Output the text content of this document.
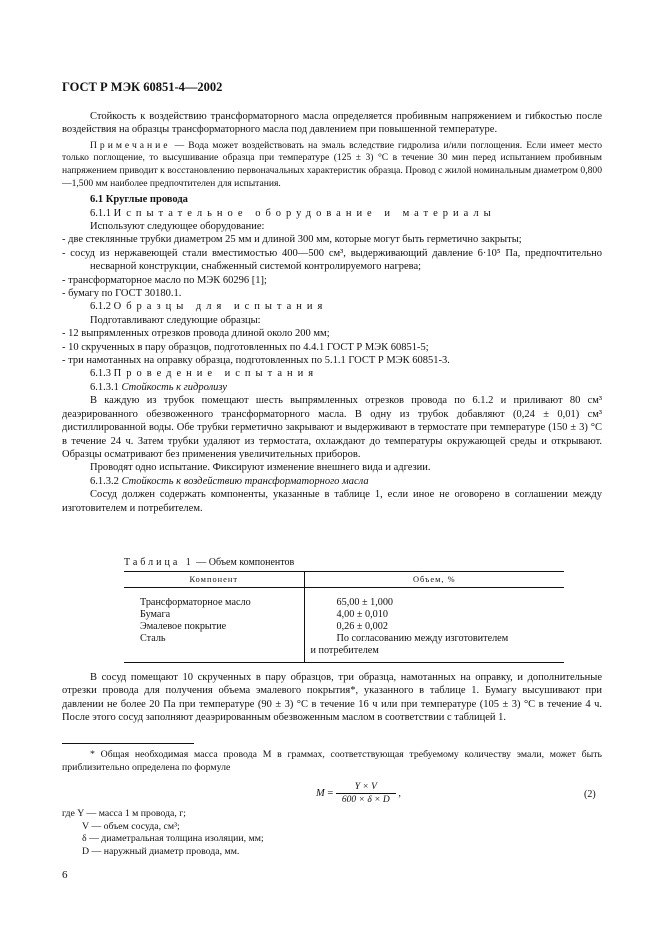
ГОСТ Р МЭК 60851-4—2002

Стойкость к воздействию трансформаторного масла определяется пробивным напряжением и гибкостью после воздействия на образцы трансформаторного масла под давлением при повышенной температуре.

Примечание — Вода может воздействовать на эмаль вследствие гидролиза и/или поглощения. Если имеет место только поглощение, то высушивание образца при температуре (125 ± 3) °С в течение 30 мин перед испытанием пробивным напряжением приводит к восстановлению первоначальных характеристик образца. Провод с жилой номинальным диаметром 0,800—1,500 мм наиболее предпочтителен для испытания.

6.1 Круглые провода

6.1.1 Испытательное оборудование и материалы

Используют следующее оборудование:

- две стеклянные трубки диаметром 25 мм и длиной 300 мм, которые могут быть герметично закрыты;

- сосуд из нержавеющей стали вместимостью 400—500 см³, выдерживающий давление 6·10⁵ Па, предпочтительно несварной конструкции, снабженный системой контролируемого нагрева;

- трансформаторное масло по МЭК 60296 [1];

- бумагу по ГОСТ 30180.1.

6.1.2 Образцы для испытания

Подготавливают следующие образцы:

- 12 выпрямленных отрезков провода длиной около 200 мм;

- 10 скрученных в пару образцов, подготовленных по 4.4.1 ГОСТ Р МЭК 60851-5;

- три намотанных на оправку образца, подготовленных по 5.1.1 ГОСТ Р МЭК 60851-3.

6.1.3 Проведение испытания

6.1.3.1 Стойкость к гидролизу

В каждую из трубок помещают шесть выпрямленных отрезков провода по 6.1.2 и приливают 80 см³ деаэрированного обезвоженного трансформаторного масла. В одну из трубок добавляют (0,24 ± 0,01) см³ дистиллированной воды. Обе трубки герметично закрывают и выдерживают в термостате при температуре (150 ± 3) °С в течение 24 ч. Затем трубки удаляют из термостата, охлаждают до температуры окружающей среды и открывают. Образцы осматривают без применения увеличительных приборов.

Проводят одно испытание. Фиксируют изменение внешнего вида и адгезии.

6.1.3.2 Стойкость к воздействию трансформаторного масла

Сосуд должен содержать компоненты, указанные в таблице 1, если иное не оговорено в соглашении между изготовителем и потребителем.

Таблица 1 — Объем компонентов
Компонент	Объем, %
Трансформаторное масло	65,00 ± 1,000
Бумага	4,00 ± 0,010
Эмалевое покрытие	0,26 ± 0,002
Сталь	По согласованию между изготовителем
	и потребителем

В сосуд помещают 10 скрученных в пару образцов, три образца, намотанных на оправку, и дополнительные отрезки провода для получения объема эмалевого покрытия*, указанного в таблице 1. Бумагу высушивают при давлении не более 20 Па при температуре (90 ± 3) °С в течение 16 ч или при температуре (105 ± 3) °С в течение 4 ч. После этого сосуд заполняют деаэрированным обезвоженным маслом в соответствии с таблицей 1.

* Общая необходимая масса провода M в граммах, соответствующая требуемому количеству эмали, может быть приблизительно определена по формуле

$M = \frac{Y \times V}{600 \times \delta \times D}$ ,	(2)

где Y — масса 1 м провода, г;

V — объем сосуда, см³;

δ — диаметральная толщина изоляции, мм;

D — наружный диаметр провода, мм.

6
